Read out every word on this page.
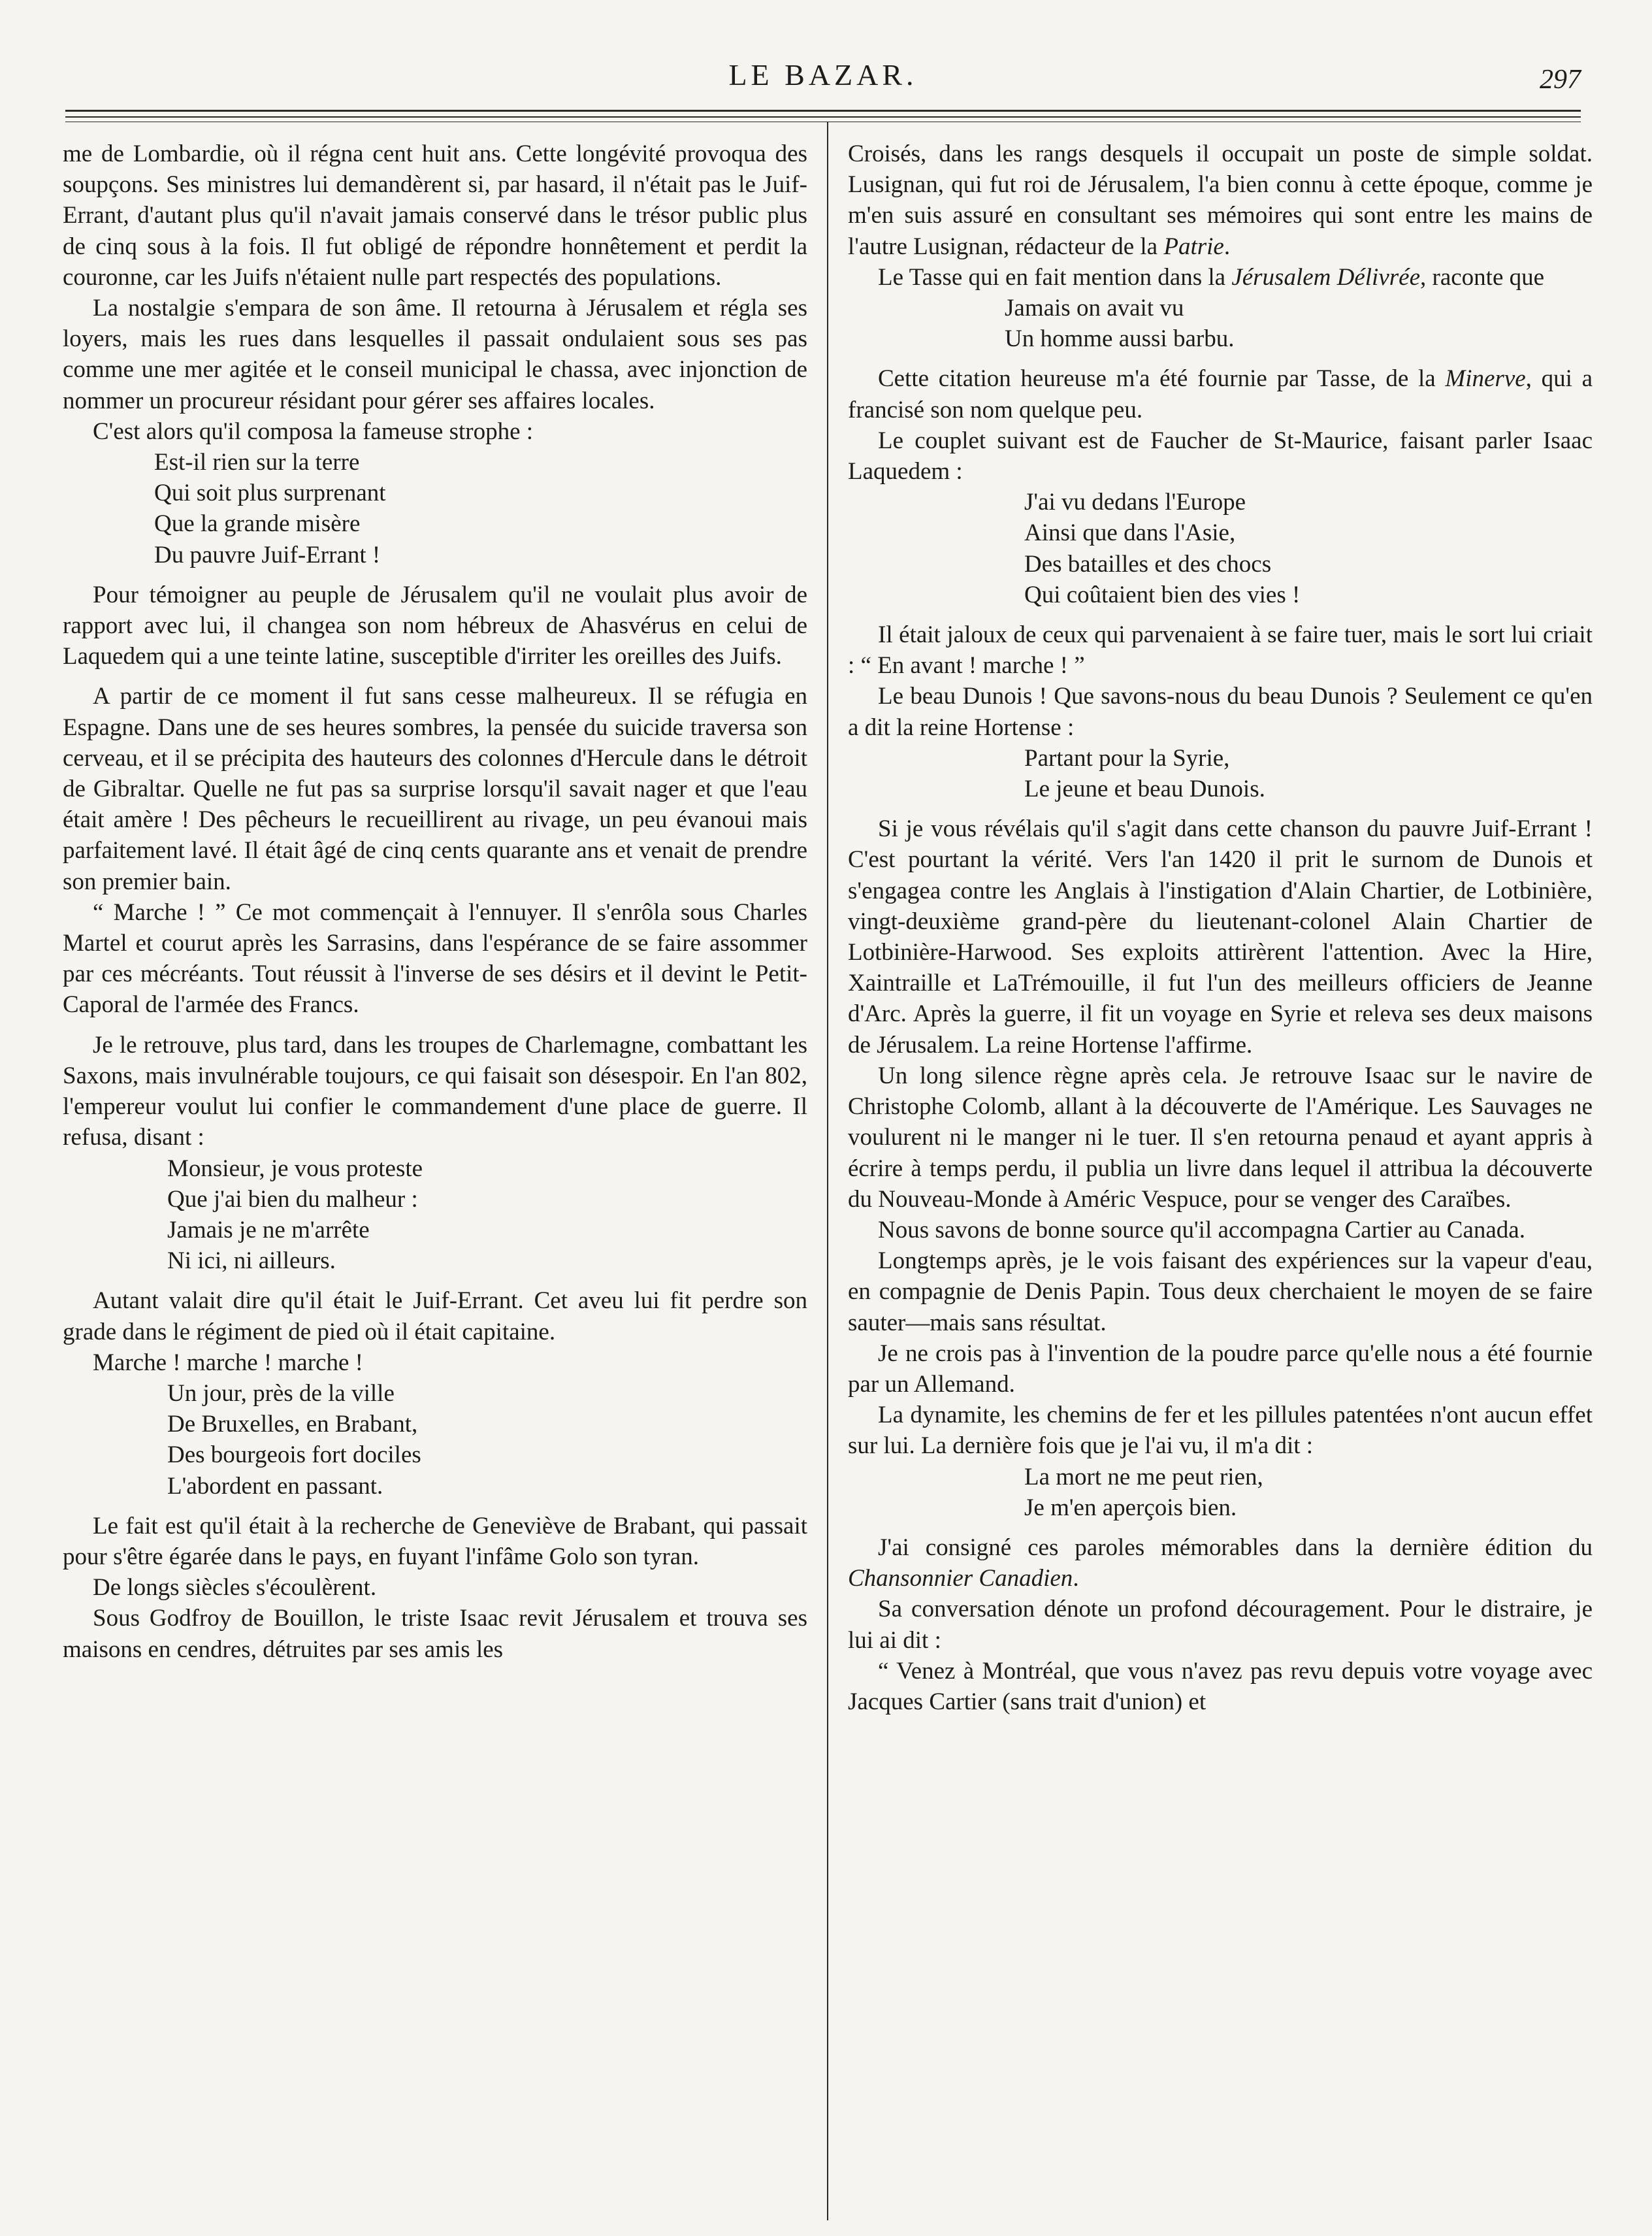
LE BAZAR.	297

me de Lombardie, où il régna cent huit ans. Cette longévité provoqua des soupçons. Ses ministres lui demandèrent si, par hasard, il n'était pas le Juif-Errant, d'autant plus qu'il n'avait jamais conservé dans le trésor public plus de cinq sous à la fois. Il fut obligé de répondre honnêtement et perdit la couronne, car les Juifs n'étaient nulle part respectés des populations.

La nostalgie s'empara de son âme. Il retourna à Jérusalem et régla ses loyers, mais les rues dans lesquelles il passait ondulaient sous ses pas comme une mer agitée et le conseil municipal le chassa, avec injonction de nommer un procureur résidant pour gérer ses affaires locales.

C'est alors qu'il composa la fameuse strophe :

Est-il rien sur la terre
Qui soit plus surprenant
Que la grande misère
Du pauvre Juif-Errant !

Pour témoigner au peuple de Jérusalem qu'il ne voulait plus avoir de rapport avec lui, il changea son nom hébreux de Ahasvérus en celui de Laquedem qui a une teinte latine, susceptible d'irriter les oreilles des Juifs.

A partir de ce moment il fut sans cesse malheureux. Il se réfugia en Espagne. Dans une de ses heures sombres, la pensée du suicide traversa son cerveau, et il se précipita des hauteurs des colonnes d'Hercule dans le détroit de Gibraltar. Quelle ne fut pas sa surprise lorsqu'il savait nager et que l'eau était amère ! Des pêcheurs le recueillirent au rivage, un peu évanoui mais parfaitement lavé. Il était âgé de cinq cents quarante ans et venait de prendre son premier bain.

“ Marche ! ” Ce mot commençait à l'ennuyer. Il s'enrôla sous Charles Martel et courut après les Sarrasins, dans l'espérance de se faire assommer par ces mécréants. Tout réussit à l'inverse de ses désirs et il devint le Petit-Caporal de l'armée des Francs.

Je le retrouve, plus tard, dans les troupes de Charlemagne, combattant les Saxons, mais invulnérable toujours, ce qui faisait son désespoir. En l'an 802, l'empereur voulut lui confier le commandement d'une place de guerre. Il refusa, disant :

Monsieur, je vous proteste
Que j'ai bien du malheur :
Jamais je ne m'arrête
Ni ici, ni ailleurs.

Autant valait dire qu'il était le Juif-Errant. Cet aveu lui fit perdre son grade dans le régiment de pied où il était capitaine.

Marche ! marche ! marche !

Un jour, près de la ville
De Bruxelles, en Brabant,
Des bourgeois fort dociles
L'abordent en passant.

Le fait est qu'il était à la recherche de Geneviève de Brabant, qui passait pour s'être égarée dans le pays, en fuyant l'infâme Golo son tyran.

De longs siècles s'écoulèrent.

Sous Godfroy de Bouillon, le triste Isaac revit Jérusalem et trouva ses maisons en cendres, détruites par ses amis les

Croisés, dans les rangs desquels il occupait un poste de simple soldat. Lusignan, qui fut roi de Jérusalem, l'a bien connu à cette époque, comme je m'en suis assuré en consultant ses mémoires qui sont entre les mains de l'autre Lusignan, rédacteur de la Patrie.

Le Tasse qui en fait mention dans la Jérusalem Délivrée, raconte que

Jamais on avait vu
Un homme aussi barbu.

Cette citation heureuse m'a été fournie par Tasse, de la Minerve, qui a francisé son nom quelque peu.

Le couplet suivant est de Faucher de St-Maurice, faisant parler Isaac Laquedem :

J'ai vu dedans l'Europe
Ainsi que dans l'Asie,
Des batailles et des chocs
Qui coûtaient bien des vies !

Il était jaloux de ceux qui parvenaient à se faire tuer, mais le sort lui criait : “ En avant ! marche ! ”

Le beau Dunois ! Que savons-nous du beau Dunois ? Seulement ce qu'en a dit la reine Hortense :

Partant pour la Syrie,
Le jeune et beau Dunois.

Si je vous révélais qu'il s'agit dans cette chanson du pauvre Juif-Errant ! C'est pourtant la vérité. Vers l'an 1420 il prit le surnom de Dunois et s'engagea contre les Anglais à l'instigation d'Alain Chartier, de Lotbinière, vingt-deuxième grand-père du lieutenant-colonel Alain Chartier de Lotbinière-Harwood. Ses exploits attirèrent l'attention. Avec la Hire, Xaintraille et LaTrémouille, il fut l'un des meilleurs officiers de Jeanne d'Arc. Après la guerre, il fit un voyage en Syrie et releva ses deux maisons de Jérusalem. La reine Hortense l'affirme.

Un long silence règne après cela. Je retrouve Isaac sur le navire de Christophe Colomb, allant à la découverte de l'Amérique. Les Sauvages ne voulurent ni le manger ni le tuer. Il s'en retourna penaud et ayant appris à écrire à temps perdu, il publia un livre dans lequel il attribua la découverte du Nouveau-Monde à Améric Vespuce, pour se venger des Caraïbes.

Nous savons de bonne source qu'il accompagna Cartier au Canada.

Longtemps après, je le vois faisant des expériences sur la vapeur d'eau, en compagnie de Denis Papin. Tous deux cherchaient le moyen de se faire sauter—mais sans résultat.

Je ne crois pas à l'invention de la poudre parce qu'elle nous a été fournie par un Allemand.

La dynamite, les chemins de fer et les pillules patentées n'ont aucun effet sur lui. La dernière fois que je l'ai vu, il m'a dit :

La mort ne me peut rien,
Je m'en aperçois bien.

J'ai consigné ces paroles mémorables dans la dernière édition du Chansonnier Canadien.

Sa conversation dénote un profond découragement. Pour le distraire, je lui ai dit :

“ Venez à Montréal, que vous n'avez pas revu depuis votre voyage avec Jacques Cartier (sans trait d'union) et
